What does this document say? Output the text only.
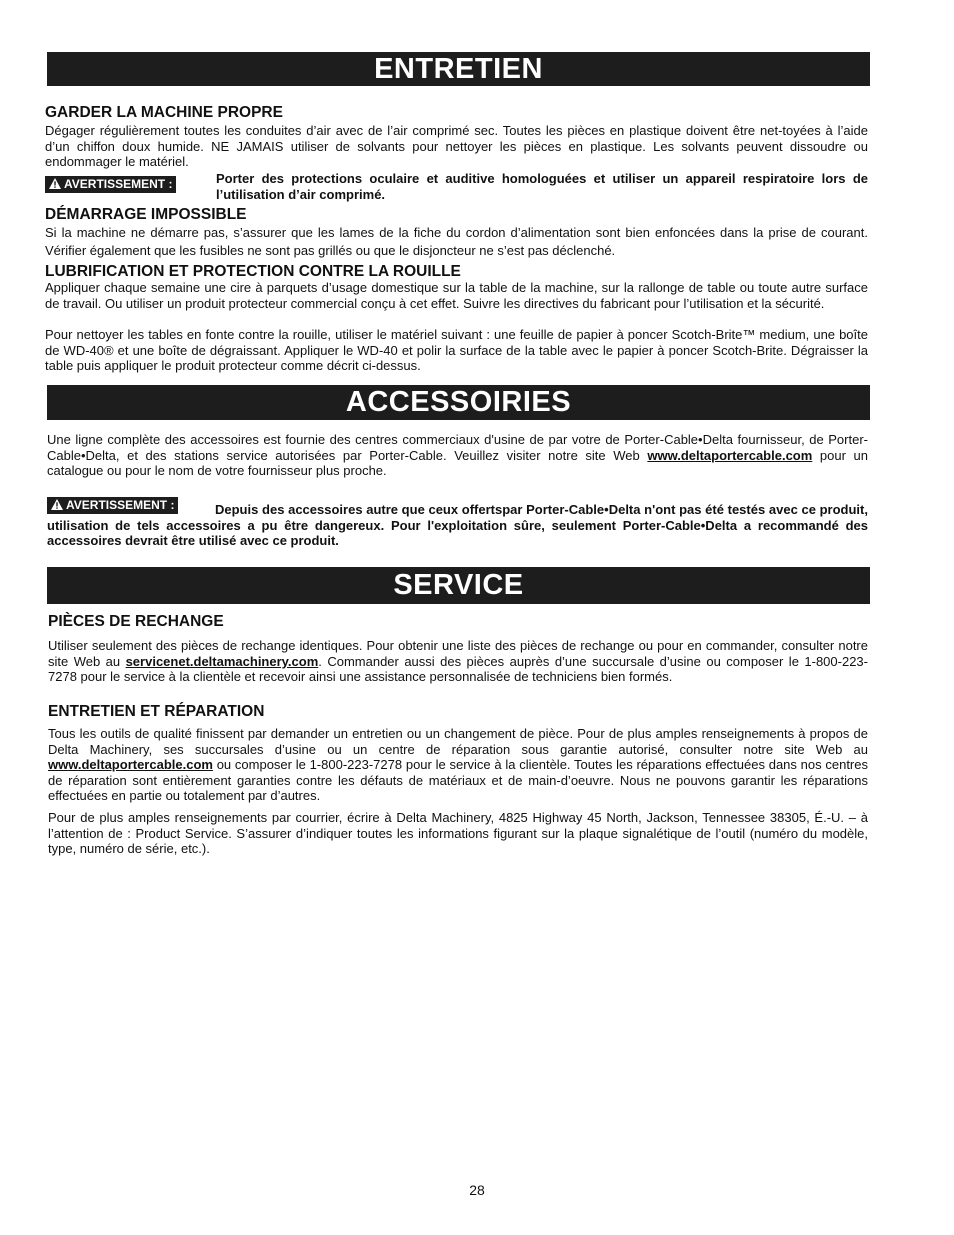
ENTRETIEN
GARDER LA MACHINE PROPRE

Dégager régulièrement toutes les conduites d’air avec de l’air comprimé sec. Toutes les pièces en plastique doivent être net-toyées à l’aide d’un chiffon doux humide. NE JAMAIS utiliser de solvants pour nettoyer les pièces en plastique. Les solvants peuvent dissoudre ou endommager le matériel.

AVERTISSEMENT :	Porter des protections oculaire et auditive homologuées et utiliser un appareil respiratoire lors de l’utilisation d’air comprimé.

DÉMARRAGE IMPOSSIBLE

Si la machine ne démarre pas, s’assurer que les lames de la fiche du cordon d’alimentation sont bien enfoncées dans la prise de courant. Vérifier également que les fusibles ne sont pas grillés ou que le disjoncteur ne s’est pas déclenché.

LUBRIFICATION ET PROTECTION CONTRE LA ROUILLE

Appliquer chaque semaine une cire à parquets d’usage domestique sur la table de la machine, sur la rallonge de table ou toute autre surface de travail. Ou utiliser un produit protecteur commercial conçu à cet effet. Suivre les directives du fabricant pour l’utilisation et la sécurité.

Pour nettoyer les tables en fonte contre la rouille, utiliser le matériel suivant : une feuille de papier à poncer Scotch-Brite™ medium, une boîte de WD-40® et une boîte de dégraissant. Appliquer le WD-40 et polir la surface de la table avec le papier à poncer Scotch-Brite. Dégraisser la table puis appliquer le produit protecteur comme décrit ci-dessus.

ACCESSOIRIES

Une ligne complète des accessoires est fournie des centres commerciaux d'usine de par votre de Porter-Cable•Delta fournisseur, de Porter-Cable•Delta, et des stations service autorisées par Porter-Cable. Veuillez visiter notre site Web www.deltaportercable.com pour un catalogue ou pour le nom de votre fournisseur plus proche.

AVERTISSEMENT :	Depuis des accessoires autre que ceux offertspar Porter-Cable•Delta n'ont pas été testés avec ce produit, utilisation de tels accessoires a pu être dangereux. Pour l'exploitation sûre, seulement Porter-Cable•Delta a recommandé des accessoires devrait être utilisé avec ce produit.

SERVICE
PIÈCES DE RECHANGE

Utiliser seulement des pièces de rechange identiques. Pour obtenir une liste des pièces de rechange ou pour en commander, consulter notre site Web au servicenet.deltamachinery.com. Commander aussi des pièces auprès d’une succursale d’usine ou composer le 1-800-223-7278 pour le service à la clientèle et recevoir ainsi une assistance personnalisée de techniciens bien formés.

ENTRETIEN ET RÉPARATION

Tous les outils de qualité finissent par demander un entretien ou un changement de pièce. Pour de plus amples renseignements à propos de Delta Machinery, ses succursales d’usine ou un centre de réparation sous garantie autorisé, consulter notre site Web au www.deltaportercable.com ou composer le 1-800-223-7278 pour le service à la clientèle. Toutes les réparations effectuées dans nos centres de réparation sont entièrement garanties contre les défauts de matériaux et de main-d’oeuvre. Nous ne pouvons garantir les réparations effectuées en partie ou totalement par d’autres.

Pour de plus amples renseignements par courrier, écrire à Delta Machinery, 4825 Highway 45 North, Jackson, Tennessee 38305, É.-U. – à l’attention de : Product Service. S’assurer d’indiquer toutes les informations figurant sur la plaque signalétique de l’outil (numéro du modèle, type, numéro de série, etc.).

28
